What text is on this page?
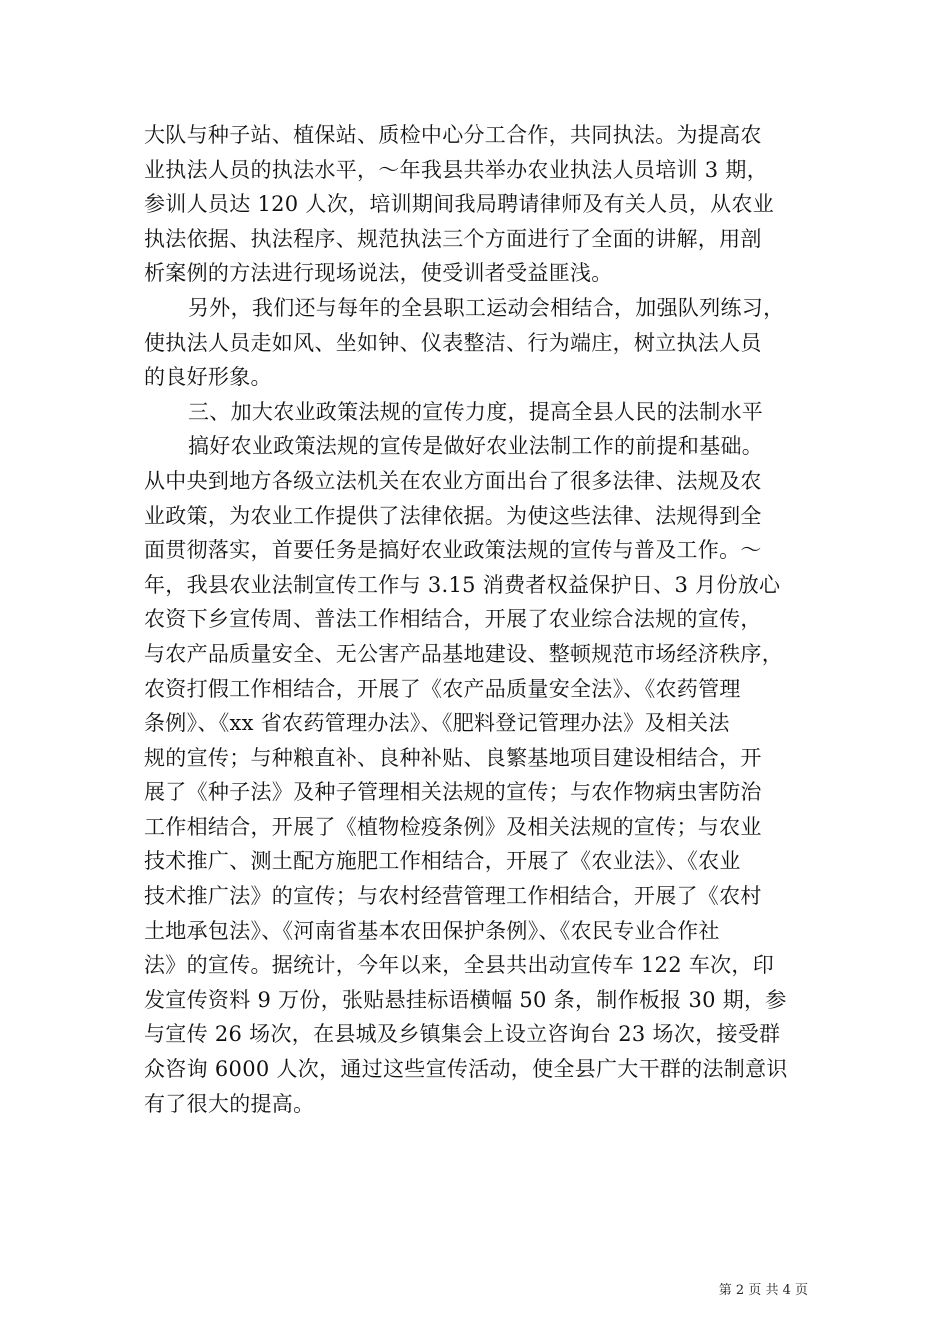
大队与种子站、植保站、质检中心分工合作，共同执法。为提高农
业执法人员的执法水平，～年我县共举办农业执法人员培训 3 期，
参训人员达 120 人次，培训期间我局聘请律师及有关人员，从农业
执法依据、执法程序、规范执法三个方面进行了全面的讲解，用剖
析案例的方法进行现场说法，使受训者受益匪浅。
另外，我们还与每年的全县职工运动会相结合，加强队列练习，
使执法人员走如风、坐如钟、仪表整洁、行为端庄，树立执法人员
的良好形象。
三、加大农业政策法规的宣传力度，提高全县人民的法制水平
搞好农业政策法规的宣传是做好农业法制工作的前提和基础。
从中央到地方各级立法机关在农业方面出台了很多法律、法规及农
业政策，为农业工作提供了法律依据。为使这些法律、法规得到全
面贯彻落实，首要任务是搞好农业政策法规的宣传与普及工作。～
年，我县农业法制宣传工作与 3.15 消费者权益保护日、3 月份放心
农资下乡宣传周、普法工作相结合，开展了农业综合法规的宣传，
与农产品质量安全、无公害产品基地建设、整顿规范市场经济秩序，
农资打假工作相结合，开展了《农产品质量安全法》、《农药管理
条例》、《xx 省农药管理办法》、《肥料登记管理办法》及相关法
规的宣传；与种粮直补、良种补贴、良繁基地项目建设相结合，开
展了《种子法》及种子管理相关法规的宣传；与农作物病虫害防治
工作相结合，开展了《植物检疫条例》及相关法规的宣传；与农业
技术推广、测土配方施肥工作相结合，开展了《农业法》、《农业
技术推广法》的宣传；与农村经营管理工作相结合，开展了《农村
土地承包法》、《河南省基本农田保护条例》、《农民专业合作社
法》的宣传。据统计，今年以来，全县共出动宣传车 122 车次，印
发宣传资料 9 万份，张贴悬挂标语横幅 50 条，制作板报 30 期，参
与宣传 26 场次，在县城及乡镇集会上设立咨询台 23 场次，接受群
众咨询 6000 人次，通过这些宣传活动，使全县广大干群的法制意识
有了很大的提高。
第 2 页 共 4 页
